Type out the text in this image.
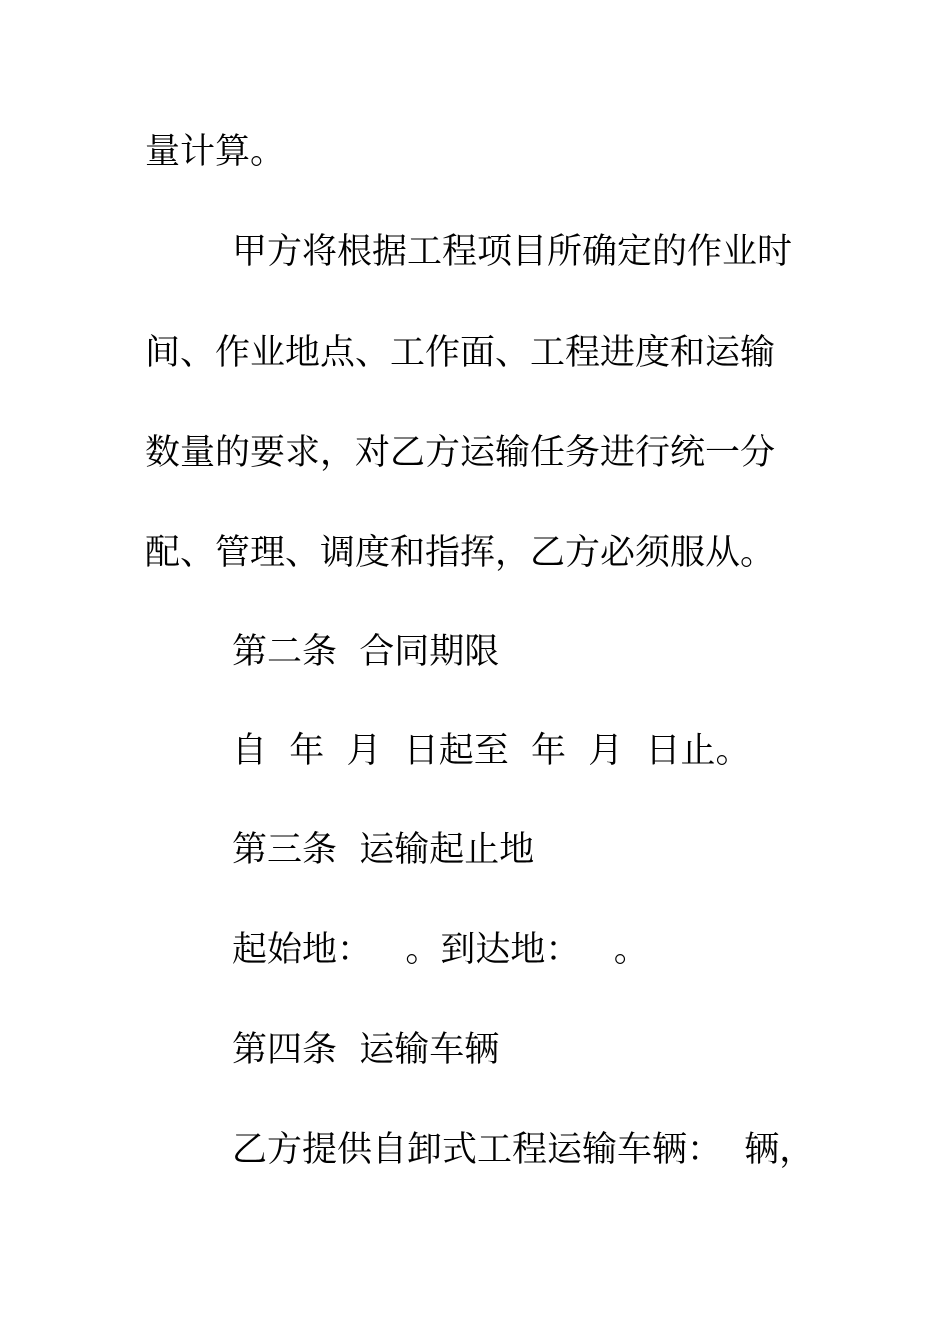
量计算。
甲方将根据工程项目所确定的作业时
间、作业地点、工作面、工程进度和运输
数量的要求，对乙方运输任务进行统一分
配、管理、调度和指挥，乙方必须服从。
第二条  合同期限
自  年  月  日起至  年  月  日止。
第三条  运输起止地
起始地：   。到达地：   。
第四条  运输车辆
乙方提供自卸式工程运输车辆：  辆，
